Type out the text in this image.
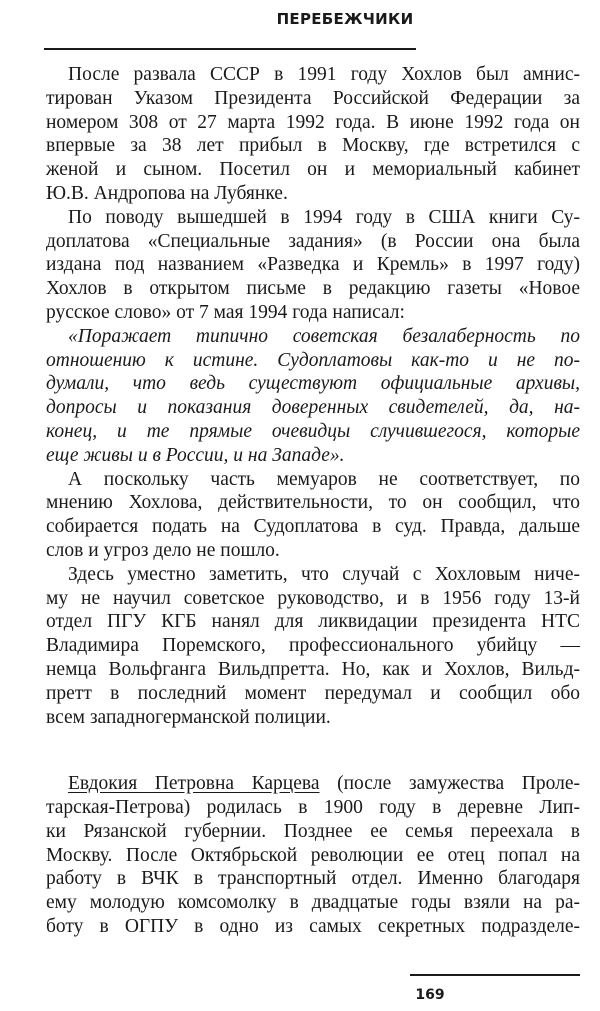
ПЕРЕБЕЖЧИКИ
После развала СССР в 1991 году Хохлов был амнис-
тирован Указом Президента Российской Федерации за
номером 308 от 27 марта 1992 года. В июне 1992 года он
впервые за 38 лет прибыл в Москву, где встретился с
женой и сыном. Посетил он и мемориальный кабинет
Ю.В. Андропова на Лубянке.
По поводу вышедшей в 1994 году в США книги Су-
доплатова «Специальные задания» (в России она была
издана под названием «Разведка и Кремль» в 1997 году)
Хохлов в открытом письме в редакцию газеты «Новое
русское слово» от 7 мая 1994 года написал:
«Поражает типично советская безалаберность по
отношению к истине. Судоплатовы как-то и не по-
думали, что ведь существуют официальные архивы,
допросы и показания доверенных свидетелей, да, на-
конец, и те прямые очевидцы случившегося, которые
еще живы и в России, и на Западе».
А поскольку часть мемуаров не соответствует, по
мнению Хохлова, действительности, то он сообщил, что
собирается подать на Судоплатова в суд. Правда, дальше
слов и угроз дело не пошло.
Здесь уместно заметить, что случай с Хохловым ниче-
му не научил советское руководство, и в 1956 году 13-й
отдел ПГУ КГБ нанял для ликвидации президента НТС
Владимира Поремского, профессионального убийцу —
немца Вольфганга Вильдпретта. Но, как и Хохлов, Вильд-
претт в последний момент передумал и сообщил обо
всем западногерманской полиции.
Евдокия Петровна Карцева (после замужества Проле-
тарская-Петрова) родилась в 1900 году в деревне Лип-
ки Рязанской губернии. Позднее ее семья переехала в
Москву. После Октябрьской революции ее отец попал на
работу в ВЧК в транспортный отдел. Именно благодаря
ему молодую комсомолку в двадцатые годы взяли на ра-
боту в ОГПУ в одно из самых секретных подразделе-
169
